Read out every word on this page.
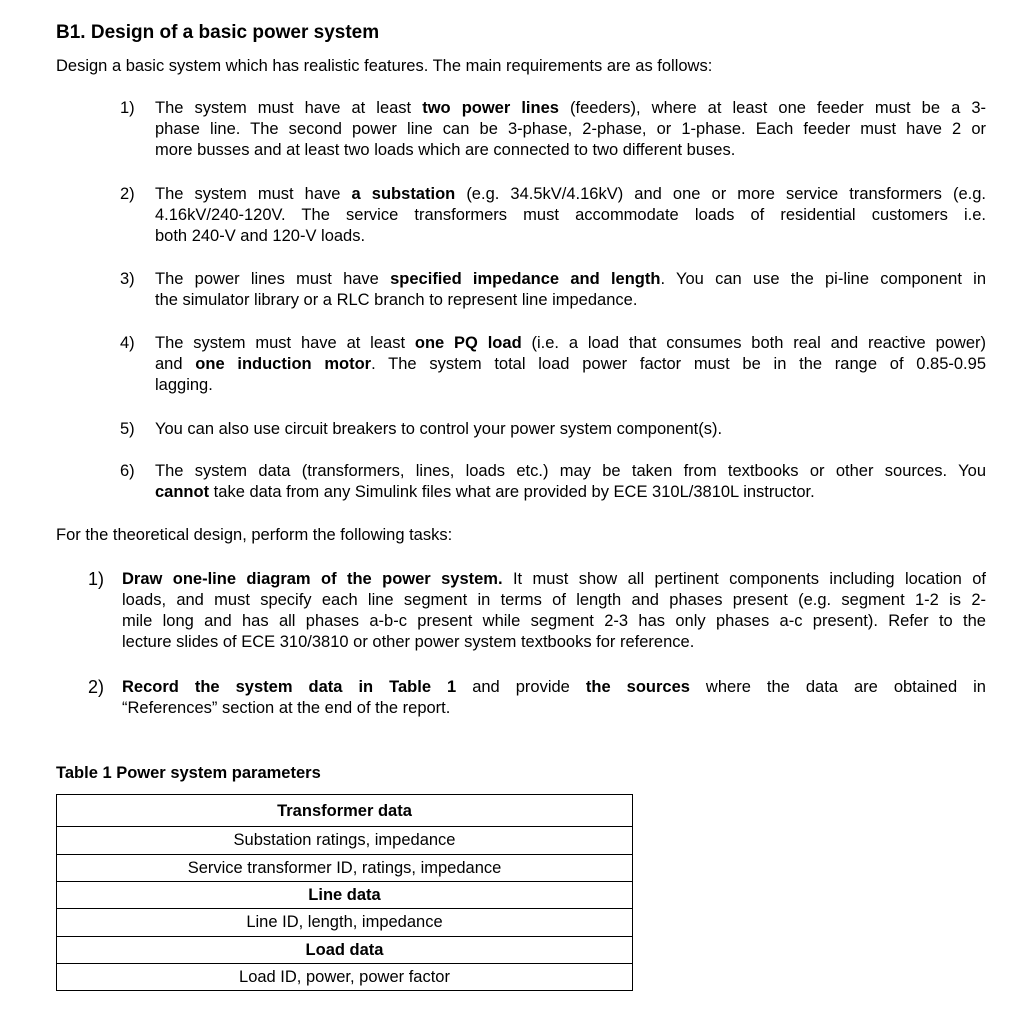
B1. Design of a basic power system
Design a basic system which has realistic features. The main requirements are as follows:
1) The system must have at least two power lines (feeders), where at least one feeder must be a 3-
phase line. The second power line can be 3-phase, 2-phase, or 1-phase. Each feeder must have 2 or
more busses and at least two loads which are connected to two different buses.
2) The system must have a substation (e.g. 34.5kV/4.16kV) and one or more service transformers (e.g.
4.16kV/240-120V. The service transformers must accommodate loads of residential customers i.e.
both 240-V and 120-V loads.
3) The power lines must have specified impedance and length. You can use the pi-line component in
the simulator library or a RLC branch to represent line impedance.
4) The system must have at least one PQ load (i.e. a load that consumes both real and reactive power)
and one induction motor. The system total load power factor must be in the range of 0.85-0.95
lagging.
5) You can also use circuit breakers to control your power system component(s).
6) The system data (transformers, lines, loads etc.) may be taken from textbooks or other sources. You
cannot take data from any Simulink files what are provided by ECE 310L/3810L instructor.
For the theoretical design, perform the following tasks:
1) Draw one-line diagram of the power system. It must show all pertinent components including location of
loads, and must specify each line segment in terms of length and phases present (e.g. segment 1-2 is 2-
mile long and has all phases a-b-c present while segment 2-3 has only phases a-c present). Refer to the
lecture slides of ECE 310/3810 or other power system textbooks for reference.
2) Record the system data in Table 1 and provide the sources where the data are obtained in
“References” section at the end of the report.
Table 1 Power system parameters
Transformer data
Substation ratings, impedance
Service transformer ID, ratings, impedance
Line data
Line ID, length, impedance
Load data
Load ID, power, power factor
